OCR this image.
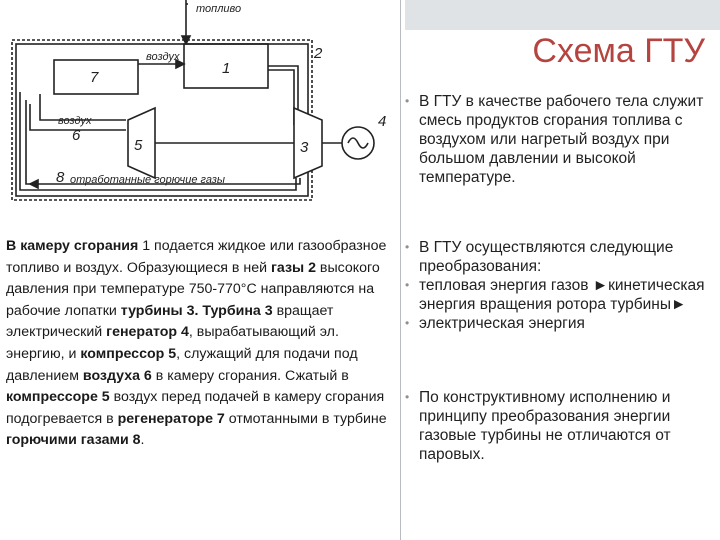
Схема ГТУ
топливо
воздух
воздух
отработанные горючие газы
1
2
3
4
5
6
7
8
В камеру сгорания 1 подается жидкое или газообразное топливо и воздух. Образующиеся в ней газы 2 высокого давления при температуре 750-770°С направляются на рабочие лопатки турбины 3. Турбина 3 вращает электрический генератор 4, вырабатывающий эл. энергию, и компрессор 5, служащий для подачи под давлением воздуха 6 в камеру сгорания. Сжатый в компрессоре 5 воздух перед подачей в камеру сгорания подогревается в регенераторе 7 отмотанными в турбине горючими газами 8.

• В ГТУ в качестве рабочего тела служит смесь продуктов сгорания топлива с воздухом или нагретый воздух при большом давлении и высокой температуре.

• В ГТУ осуществляются следующие преобразования:

• тепловая энергия газов ►кинетическая энергия вращения ротора турбины►

• электрическая энергия

• По конструктивному исполнению и принципу преобразования энергии газовые турбины не отличаются от паровых.
